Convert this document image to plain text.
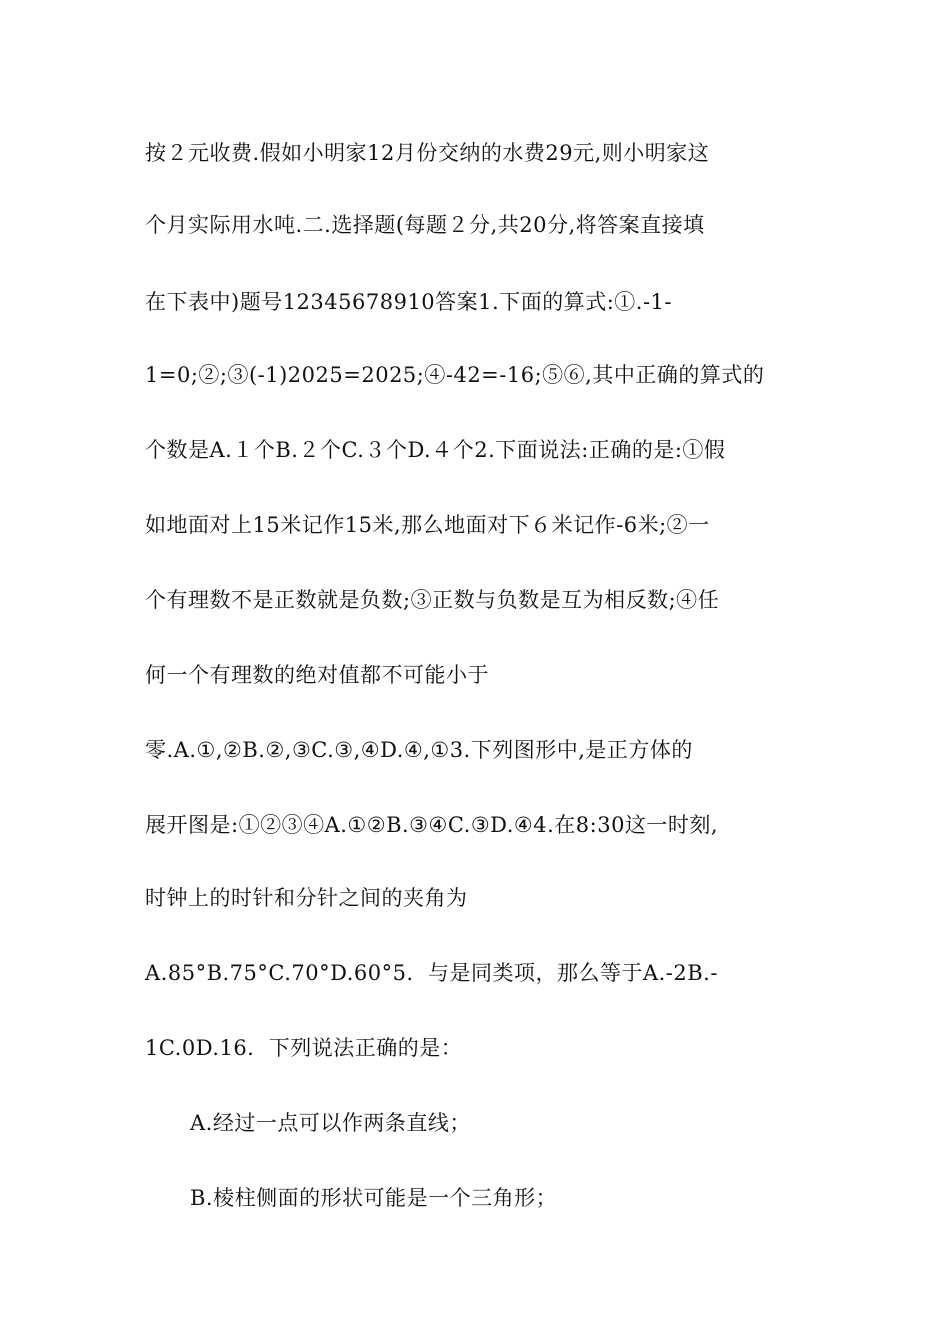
按２元收费.假如小明家12月份交纳的水费29元,则小明家这
个月实际用水吨.二.选择题(每题２分,共20分,将答案直接填
在下表中)题号12345678910答案1.下面的算式:①.-1-
1=0;②;③(-1)2025=2025;④-42=-16;⑤⑥,其中正确的算式的
个数是A.１个B.２个C.３个D.４个2.下面说法:正确的是:①假
如地面对上15米记作15米,那么地面对下６米记作-6米;②一
个有理数不是正数就是负数;③正数与负数是互为相反数;④任
何一个有理数的绝对值都不可能小于
零.A.①,②B.②,③C.③,④D.④,①3.下列图形中,是正方体的
展开图是:①②③④A.①②B.③④C.③D.④4.在8:30这一时刻,
时钟上的时针和分针之间的夹角为
A.85°B.75°C.70°D.60°5．与是同类项，那么等于A.-2B.-
1C.0D.16．下列说法正确的是：
A.经过一点可以作两条直线；
B.棱柱侧面的形状可能是一个三角形；
